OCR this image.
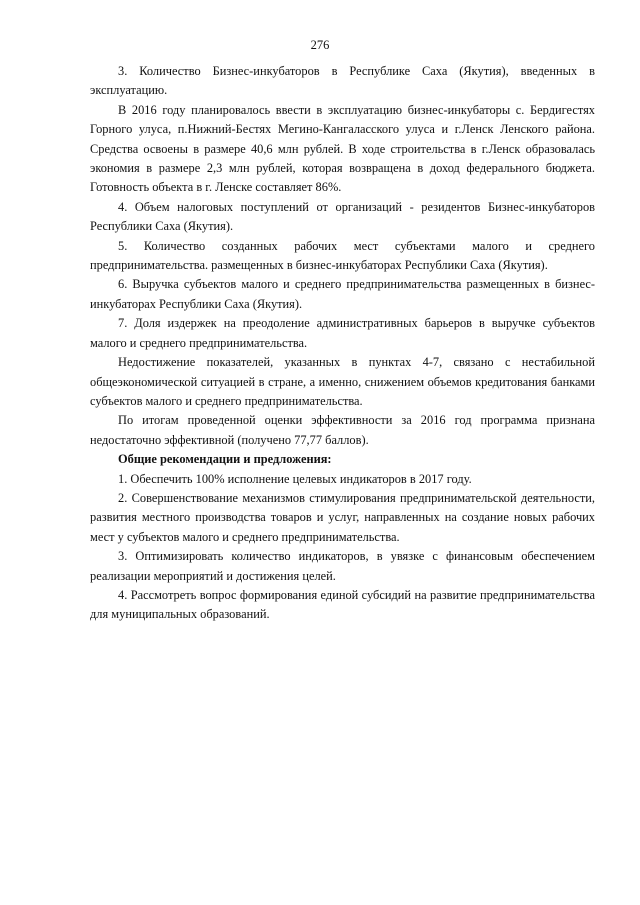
276

3. Количество Бизнес-инкубаторов в Республике Саха (Якутия), введенных в эксплуатацию.

В 2016 году планировалось ввести в эксплуатацию бизнес-инкубаторы с. Бердигестях Горного улуса, п.Нижний-Бестях Мегино-Кангаласского улуса и г.Ленск Ленского района. Средства освоены в размере 40,6 млн рублей. В ходе строительства в г.Ленск образовалась экономия в размере 2,3 млн рублей, которая возвращена в доход федерального бюджета. Готовность объекта в г. Ленске составляет 86%.

4. Объем налоговых поступлений от организаций - резидентов Бизнес-инкубаторов Республики Саха (Якутия).

5. Количество созданных рабочих мест субъектами малого и среднего предпринимательства. размещенных в бизнес-инкубаторах Республики Саха (Якутия).

6. Выручка субъектов малого и среднего предпринимательства размещенных в бизнес-инкубаторах Республики Саха (Якутия).

7. Доля издержек на преодоление административных барьеров в выручке субъектов малого и среднего предпринимательства.

Недостижение показателей, указанных в пунктах 4-7, связано с нестабильной общеэкономической ситуацией в стране, а именно, снижением объемов кредитования банками субъектов малого и среднего предпринимательства.

По итогам проведенной оценки эффективности за 2016 год программа признана недостаточно эффективной (получено 77,77 баллов).

Общие рекомендации и предложения:

1. Обеспечить 100% исполнение целевых индикаторов в 2017 году.

2. Совершенствование механизмов стимулирования предпринимательской деятельности, развития местного производства товаров и услуг, направленных на создание новых рабочих мест у субъектов малого и среднего предпринимательства.

3. Оптимизировать количество индикаторов, в увязке с финансовым обеспечением реализации мероприятий и достижения целей.

4. Рассмотреть вопрос формирования единой субсидий на развитие предпринимательства для муниципальных образований.
